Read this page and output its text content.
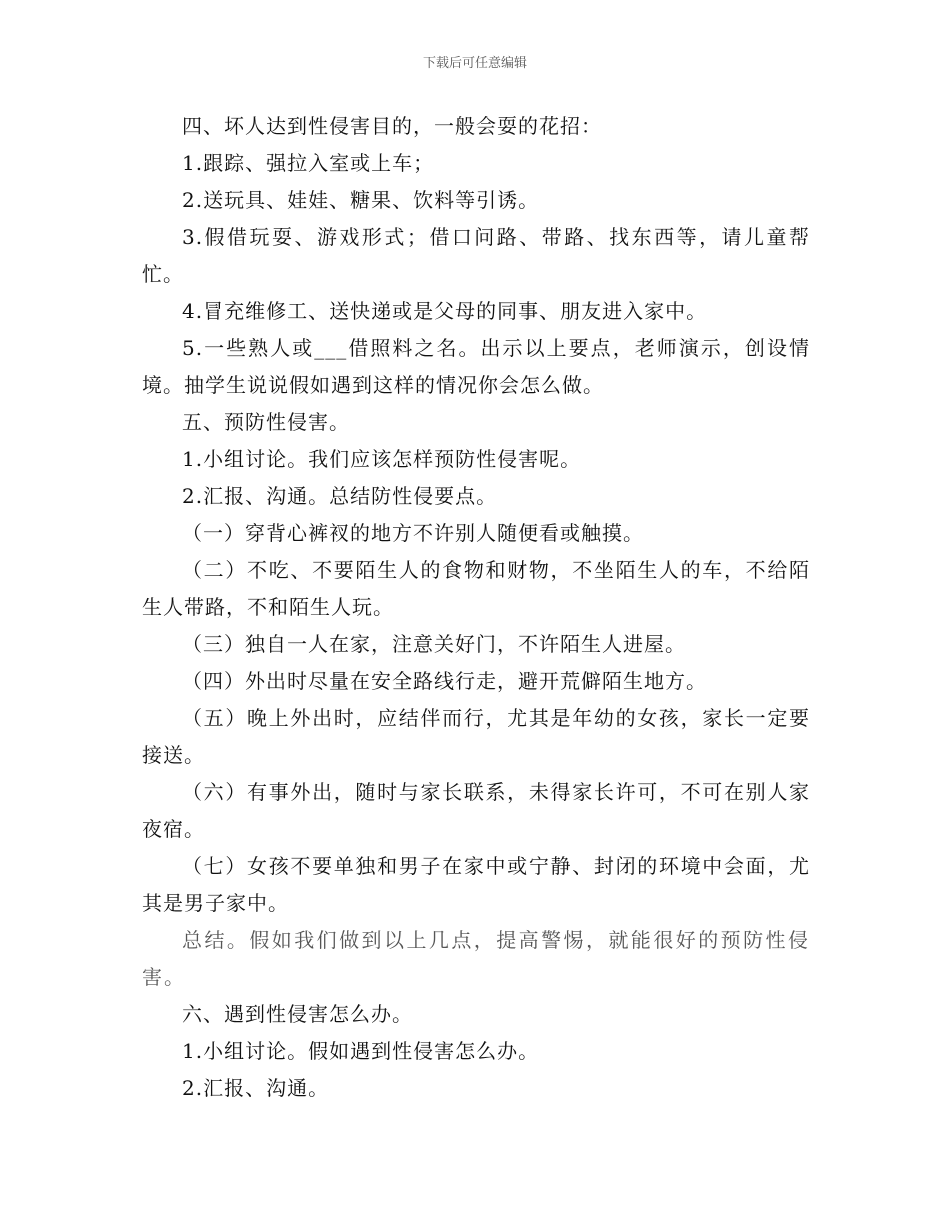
下载后可任意编辑

四、坏人达到性侵害目的，一般会耍的花招：

1.跟踪、强拉入室或上车；

2.送玩具、娃娃、糖果、饮料等引诱。

3.假借玩耍、游戏形式；借口问路、带路、找东西等，请儿童帮忙。

4.冒充维修工、送快递或是父母的同事、朋友进入家中。

5.一些熟人或___借照料之名。出示以上要点，老师演示，创设情境。抽学生说说假如遇到这样的情况你会怎么做。

五、预防性侵害。

1.小组讨论。我们应该怎样预防性侵害呢。

2.汇报、沟通。总结防性侵要点。

（一）穿背心裤衩的地方不许别人随便看或触摸。

（二）不吃、不要陌生人的食物和财物，不坐陌生人的车，不给陌生人带路，不和陌生人玩。

（三）独自一人在家，注意关好门，不许陌生人进屋。

（四）外出时尽量在安全路线行走，避开荒僻陌生地方。

（五）晚上外出时，应结伴而行，尤其是年幼的女孩，家长一定要接送。

（六）有事外出，随时与家长联系，未得家长许可，不可在别人家夜宿。

（七）女孩不要单独和男子在家中或宁静、封闭的环境中会面，尤其是男子家中。

总结。假如我们做到以上几点，提高警惕，就能很好的预防性侵害。

六、遇到性侵害怎么办。

1.小组讨论。假如遇到性侵害怎么办。

2.汇报、沟通。
